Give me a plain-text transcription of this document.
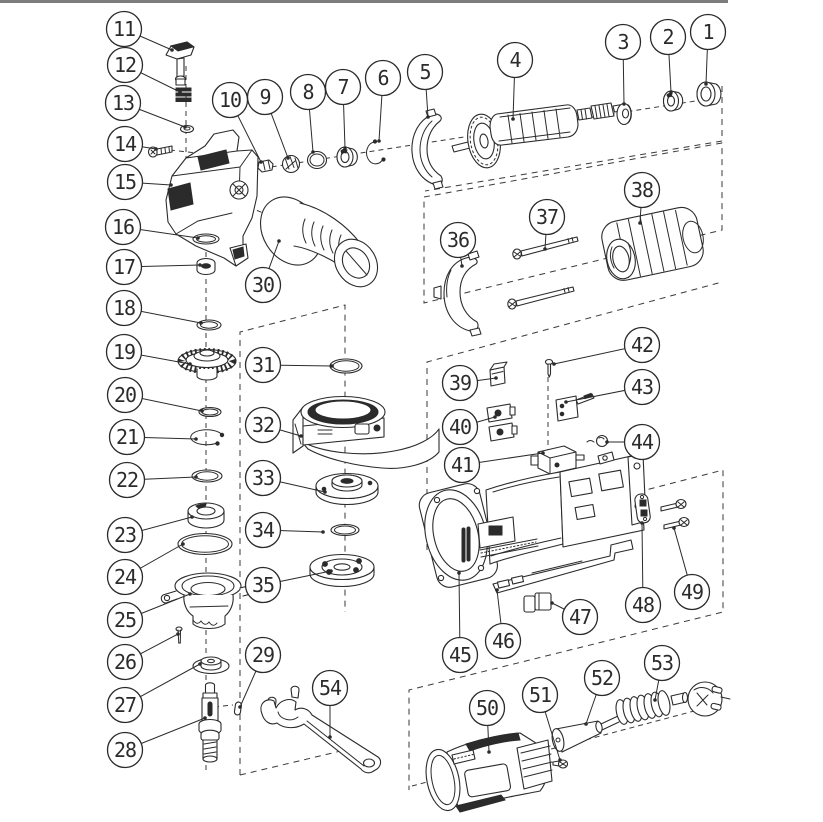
1
2
3
4
5
6
7
8
9
10
11
12
13
14
15
16
17
18
19
20
21
22
23
24
25
26
27
28
29
30
31
32
33
34
35
36
37
38
39
40
41
42
43
44
45
46
47 48
49
50
51
52
53
54
